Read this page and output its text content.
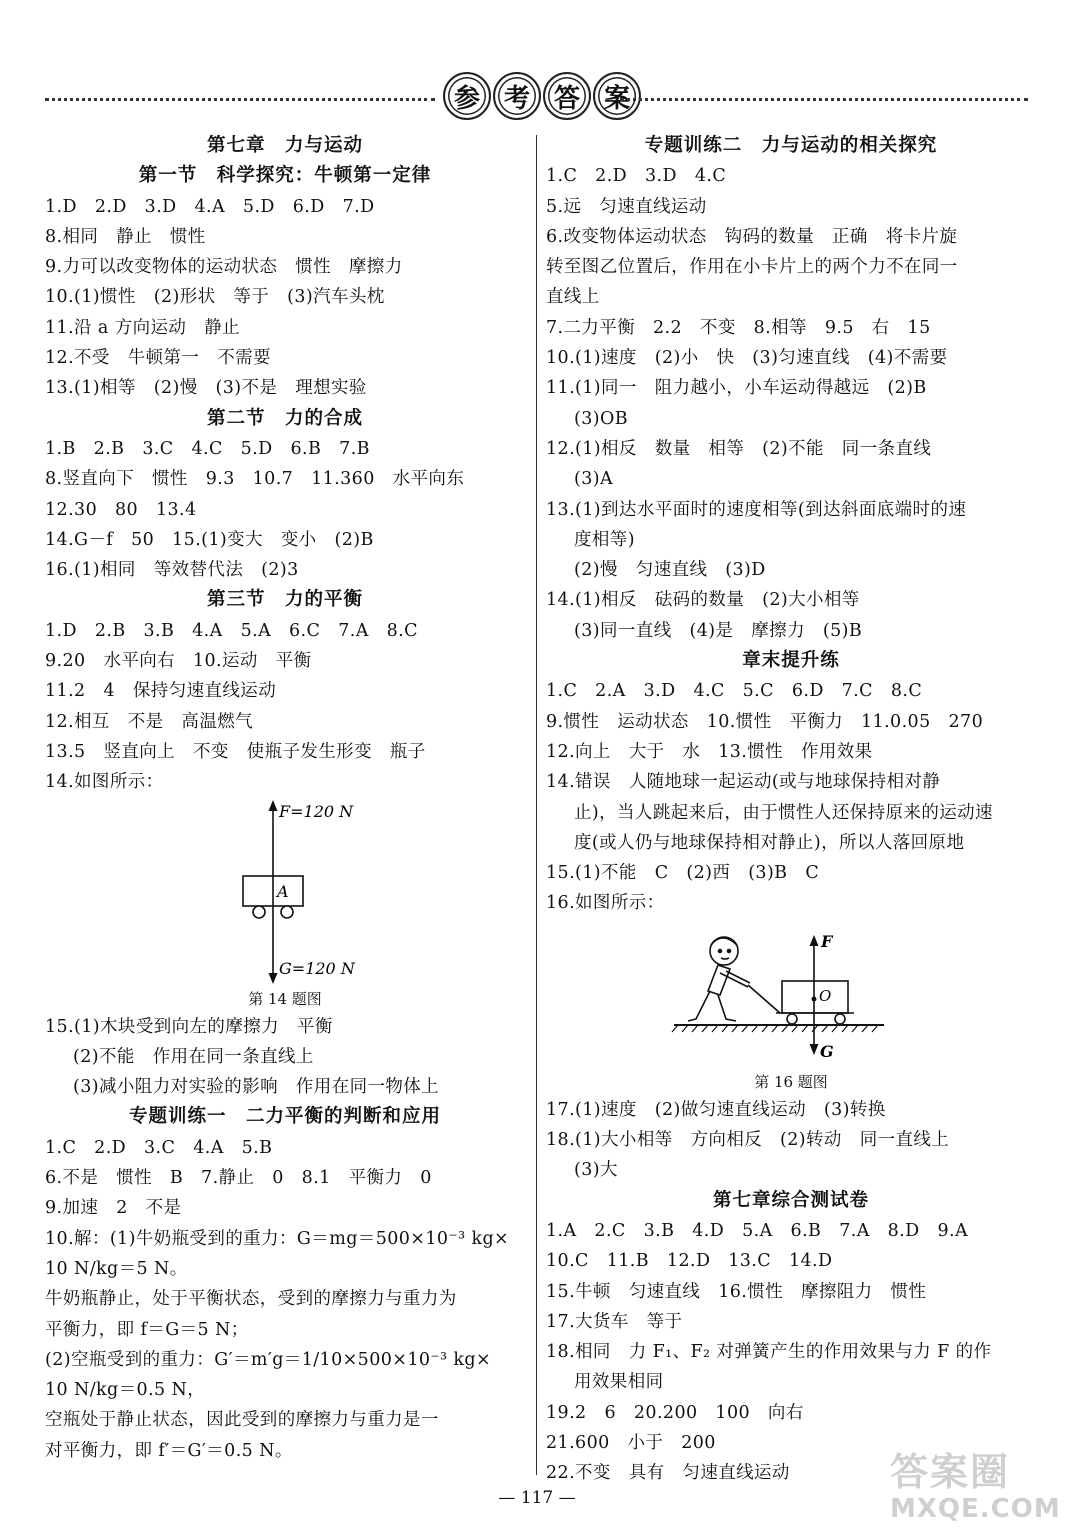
参 考 答 案
第七章　力与运动
第一节　科学探究：牛顿第一定律
1.D　2.D　3.D　4.A　5.D　6.D　7.D
8.相同　静止　惯性
9.力可以改变物体的运动状态　惯性　摩擦力
10.(1)惯性　(2)形状　等于　(3)汽车头枕
11.沿 a 方向运动　静止
12.不受　牛顿第一　不需要
13.(1)相等　(2)慢　(3)不是　理想实验
第二节　力的合成
1.B　2.B　3.C　4.C　5.D　6.B　7.B
8.竖直向下　惯性　9.3　10.7　11.360　水平向东
12.30　80　13.4
14.G－f　50　15.(1)变大　变小　(2)B
16.(1)相同　等效替代法　(2)3
第三节　力的平衡
1.D　2.B　3.B　4.A　5.A　6.C　7.A　8.C
9.20　水平向右　10.运动　平衡
11.2　4　保持匀速直线运动
12.相互　不是　高温燃气
13.5　竖直向上　不变　使瓶子发生形变　瓶子
14.如图所示：
F=120 N
G=120 N
A
第 14 题图
15.(1)木块受到向左的摩擦力　平衡
(2)不能　作用在同一条直线上
(3)减小阻力对实验的影响　作用在同一物体上
专题训练一　二力平衡的判断和应用
1.C　2.D　3.C　4.A　5.B
6.不是　惯性　B　7.静止　0　8.1　平衡力　0
9.加速　2　不是
10.解：(1)牛奶瓶受到的重力：G＝mg＝500×10⁻³ kg×
10 N/kg＝5 N。
牛奶瓶静止，处于平衡状态，受到的摩擦力与重力为
平衡力，即 f＝G＝5 N；
(2)空瓶受到的重力：G′＝m′g＝1/10×500×10⁻³ kg×
10 N/kg＝0.5 N，
空瓶处于静止状态，因此受到的摩擦力与重力是一
对平衡力，即 f′＝G′＝0.5 N。
专题训练二　力与运动的相关探究
1.C　2.D　3.D　4.C
5.远　匀速直线运动
6.改变物体运动状态　钩码的数量　正确　将卡片旋
转至图乙位置后，作用在小卡片上的两个力不在同一
直线上
7.二力平衡　2.2　不变　8.相等　9.5　右　15
10.(1)速度　(2)小　快　(3)匀速直线　(4)不需要
11.(1)同一　阻力越小，小车运动得越远　(2)B
(3)OB
12.(1)相反　数量　相等　(2)不能　同一条直线
(3)A
13.(1)到达水平面时的速度相等(到达斜面底端时的速
度相等)
(2)慢　匀速直线　(3)D
14.(1)相反　砝码的数量　(2)大小相等
(3)同一直线　(4)是　摩擦力　(5)B
章末提升练
1.C　2.A　3.D　4.C　5.C　6.D　7.C　8.C
9.惯性　运动状态　10.惯性　平衡力　11.0.05　270
12.向上　大于　水　13.惯性　作用效果
14.错误　人随地球一起运动(或与地球保持相对静
止)，当人跳起来后，由于惯性人还保持原来的运动速
度(或人仍与地球保持相对静止)，所以人落回原地
15.(1)不能　C　(2)西　(3)B　C
16.如图所示：
F
O
G
第 16 题图
17.(1)速度　(2)做匀速直线运动　(3)转换
18.(1)大小相等　方向相反　(2)转动　同一直线上
(3)大
第七章综合测试卷
1.A　2.C　3.B　4.D　5.A　6.B　7.A　8.D　9.A
10.C　11.B　12.D　13.C　14.D
15.牛顿　匀速直线　16.惯性　摩擦阻力　惯性
17.大货车　等于
18.相同　力 F₁、F₂ 对弹簧产生的作用效果与力 F 的作
用效果相同
19.2　6　20.200　100　向右
21.600　小于　200
22.不变　具有　匀速直线运动
— 117 —
答案圈
MXQE.COM
